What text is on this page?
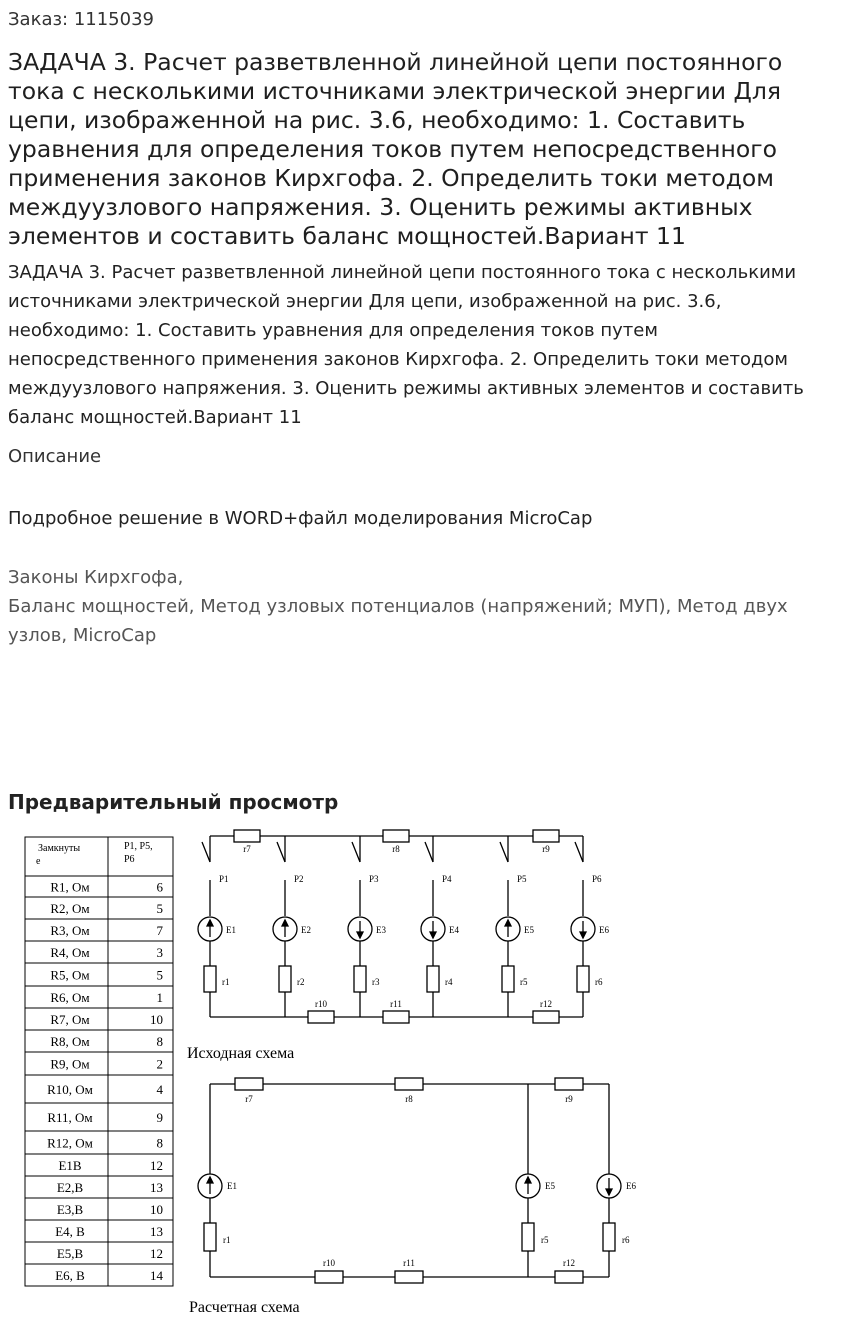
Заказ: 1115039
ЗАДАЧА 3. Расчет разветвленной линейной цепи постоянного тока с несколькими источниками электрической энергии Для цепи, изображенной на рис. 3.6, необходимо: 1. Составить уравнения для определения токов путем непосредственного применения законов Кирхгофа. 2. Определить токи методом междуузлового напряжения. 3. Оценить режимы активных элементов и составить баланс мощностей.Вариант 11
ЗАДАЧА 3. Расчет разветвленной линейной цепи постоянного тока с несколькими источниками электрической энергии Для цепи, изображенной на рис. 3.6, необходимо: 1. Составить уравнения для определения токов путем непосредственного применения законов Кирхгофа. 2. Определить токи методом междуузлового напряжения. 3. Оценить режимы активных элементов и составить баланс мощностей.Вариант 11
Описание
Подробное решение в WORD+файл моделирования MicroCap
Законы Кирхгофа,
Баланс мощностей, Метод узловых потенциалов (напряжений; МУП), Метод двух узлов, MicroCap
Предварительный просмотр
Замкнуты
е
P1, P5,
P6
R1, Ом	6
R2, Ом	5
R3, Ом	7
R4, Ом	3
R5, Ом	5
R6, Ом	1
R7, Ом	10
R8, Ом	8
R9, Ом	2
R10, Ом	4
R11, Ом	9
R12, Ом	8
E1B	12
E2,B	13
E3,B	10
E4, B	13
E5,B	12
E6, B	14
r7	r8	r9
r10	r11	r12
P1
E1
r1
P2
E2
r2
P3
E3
r3
P4
E4
r4
P5
E5
r5
P6
E6
r6
r7	r8	r9
r10	r11	r12
E1
r1
E5
r5
E6
r6
Исходная схема
Расчетная схема
